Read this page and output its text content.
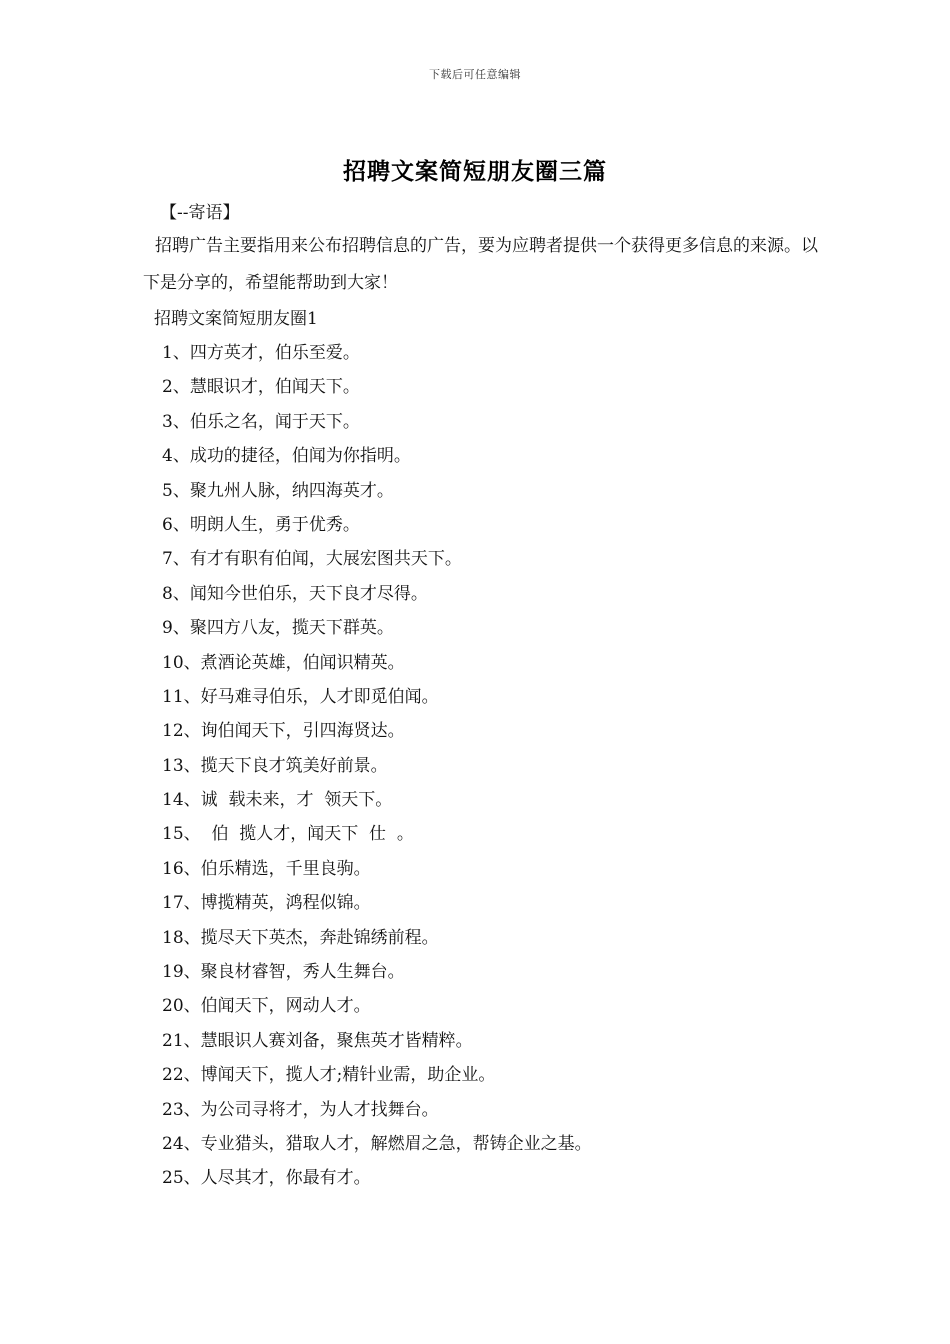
下载后可任意编辑
招聘文案简短朋友圈三篇
【--寄语】
招聘广告主要指用来公布招聘信息的广告，要为应聘者提供一个获得更多信息的来源。以下是分享的，希望能帮助到大家！
招聘文案简短朋友圈1
1、四方英才，伯乐至爱。
2、慧眼识才，伯闻天下。
3、伯乐之名，闻于天下。
4、成功的捷径，伯闻为你指明。
5、聚九州人脉，纳四海英才。
6、明朗人生，勇于优秀。
7、有才有职有伯闻，大展宏图共天下。
8、闻知今世伯乐，天下良才尽得。
9、聚四方八友，揽天下群英。
10、煮酒论英雄，伯闻识精英。
11、好马难寻伯乐，人才即觅伯闻。
12、询伯闻天下，引四海贤达。
13、揽天下良才筑美好前景。
14、诚  载未来，才  领天下。
15、  伯  揽人才，闻天下  仕  。
16、伯乐精选，千里良驹。
17、博揽精英，鸿程似锦。
18、揽尽天下英杰，奔赴锦绣前程。
19、聚良材睿智，秀人生舞台。
20、伯闻天下，网动人才。
21、慧眼识人赛刘备，聚焦英才皆精粹。
22、博闻天下，揽人才;精针业需，助企业。
23、为公司寻将才，为人才找舞台。
24、专业猎头，猎取人才，解燃眉之急，帮铸企业之基。
25、人尽其才，你最有才。
